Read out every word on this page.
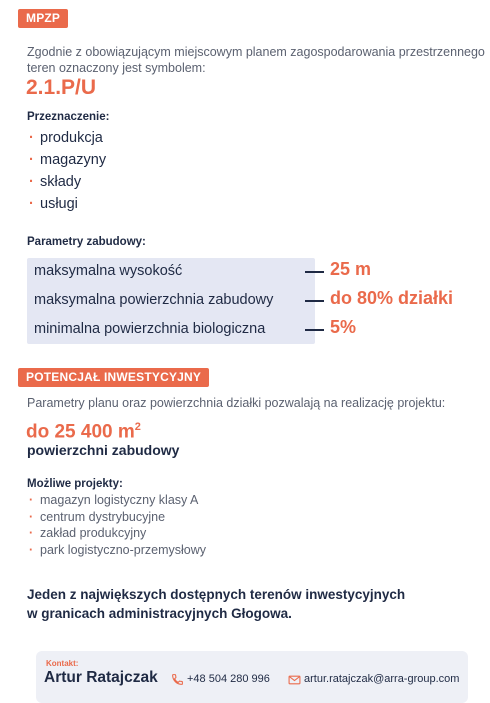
MPZP
Zgodnie z obowiązującym miejscowym planem zagospodarowania przestrzennego
teren oznaczony jest symbolem:
2.1.P/U
Przeznaczenie:
· produkcja
· magazyny
· składy
· usługi
Parametry zabudowy:
maksymalna wysokość	25 m
maksymalna powierzchnia zabudowy	do 80% działki
minimalna powierzchnia biologiczna	5%
POTENCJAŁ INWESTYCYJNY
Parametry planu oraz powierzchnia działki pozwalają na realizację projektu:
do 25 400 $m^2$
powierzchni zabudowy
Możliwe projekty:
· magazyn logistyczny klasy A
· centrum dystrybucyjne
· zakład produkcyjny
· park logistyczno-przemysłowy
Jeden z największych dostępnych terenów inwestycyjnych
w granicach administracyjnych Głogowa.
Kontakt:
Artur Ratajczak	+48 504 280 996	artur.ratajczak@arra-group.com
